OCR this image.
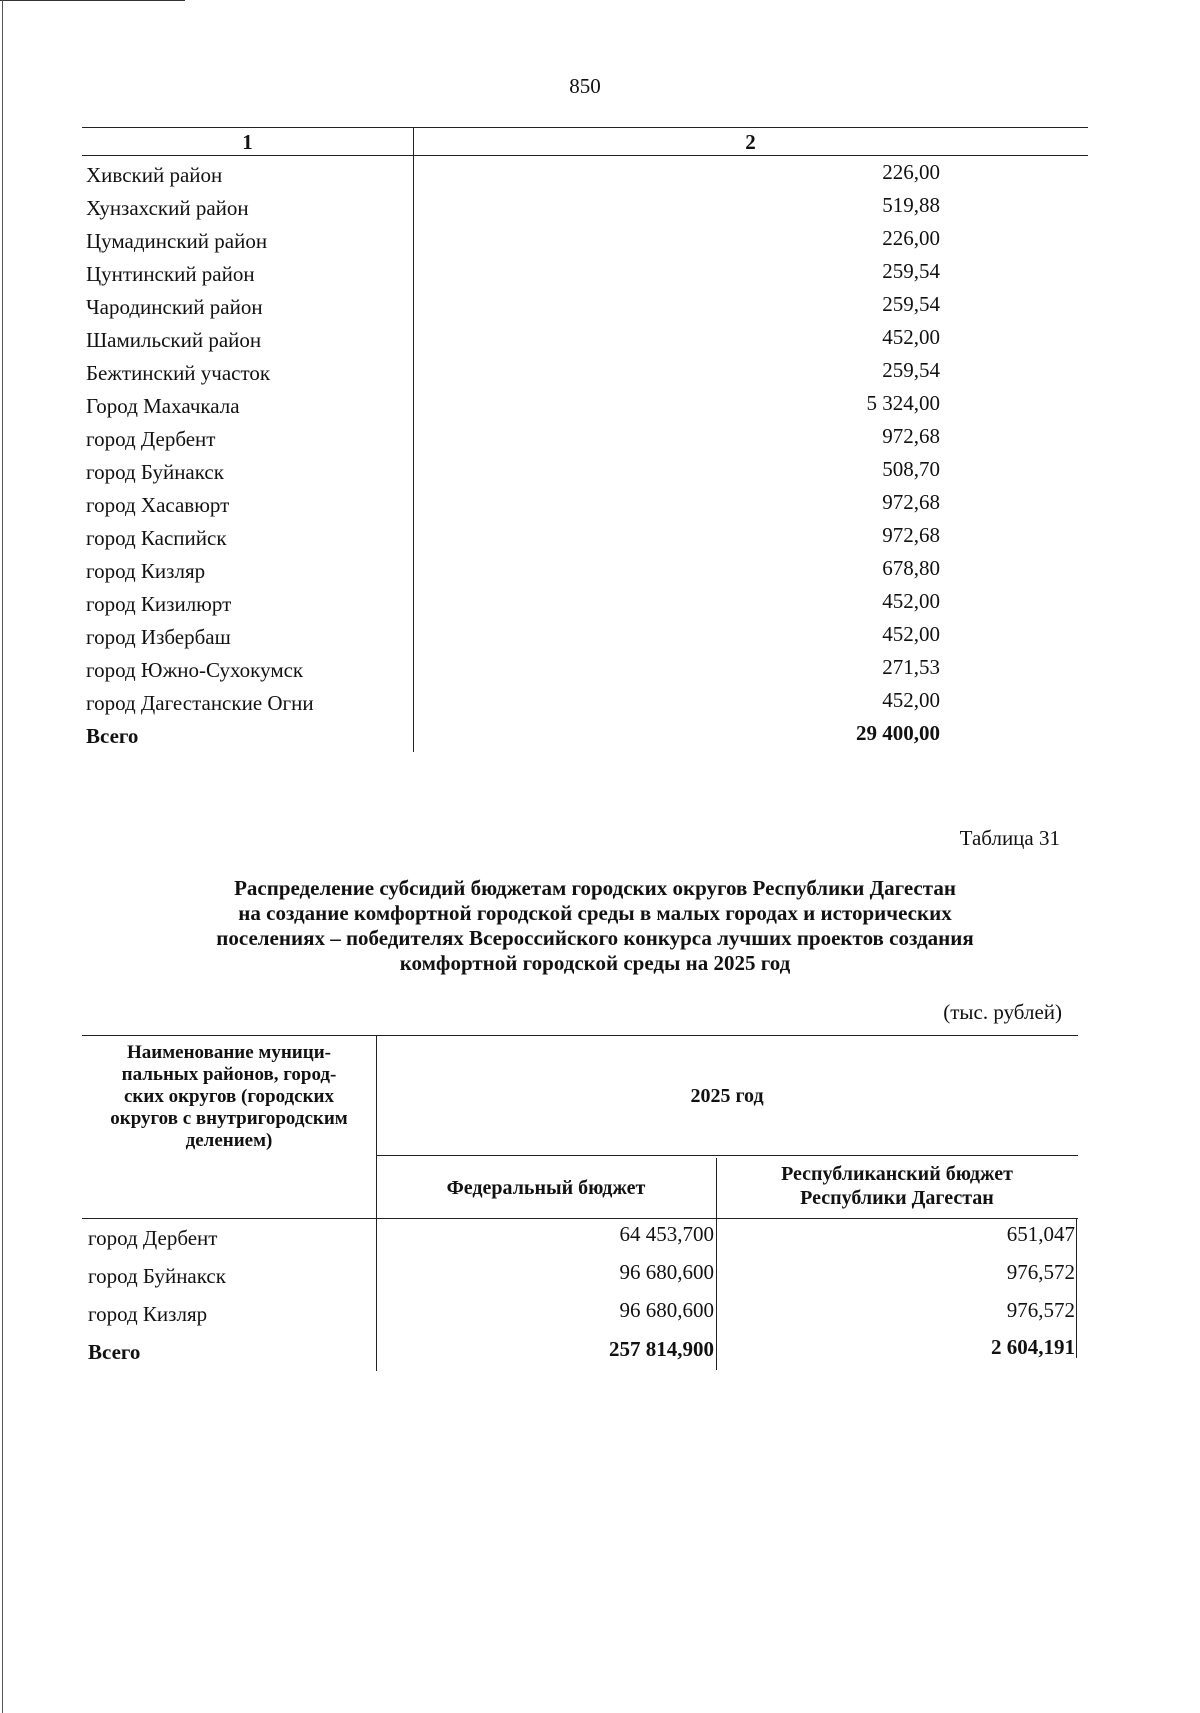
850
1	2
Хивский район	226,00
Хунзахский район	519,88
Цумадинский район	226,00
Цунтинский район	259,54
Чародинский район	259,54
Шамильский район	452,00
Бежтинский участок	259,54
Город Махачкала	5 324,00
город Дербент	972,68
город Буйнакск	508,70
город Хасавюрт	972,68
город Каспийск	972,68
город Кизляр	678,80
город Кизилюрт	452,00
город Избербаш	452,00
город Южно-Сухокумск	271,53
город Дагестанские Огни	452,00
Всего	29 400,00
Таблица 31
Распределение субсидий бюджетам городских округов Республики Дагестан
на создание комфортной городской среды в малых городах и исторических
поселениях – победителях Всероссийского конкурса лучших проектов создания
комфортной городской среды на 2025 год
(тыс. рублей)
Наименование муници-
пальных районов, город-
ских округов (городских
округов с внутригородским
делением)
2025 год
Федеральный бюджет
Республиканский бюджет
Республики Дагестан
город Дербент	64 453,700	651,047
город Буйнакск	96 680,600	976,572
город Кизляр	96 680,600	976,572
Всего	257 814,900	2 604,191
